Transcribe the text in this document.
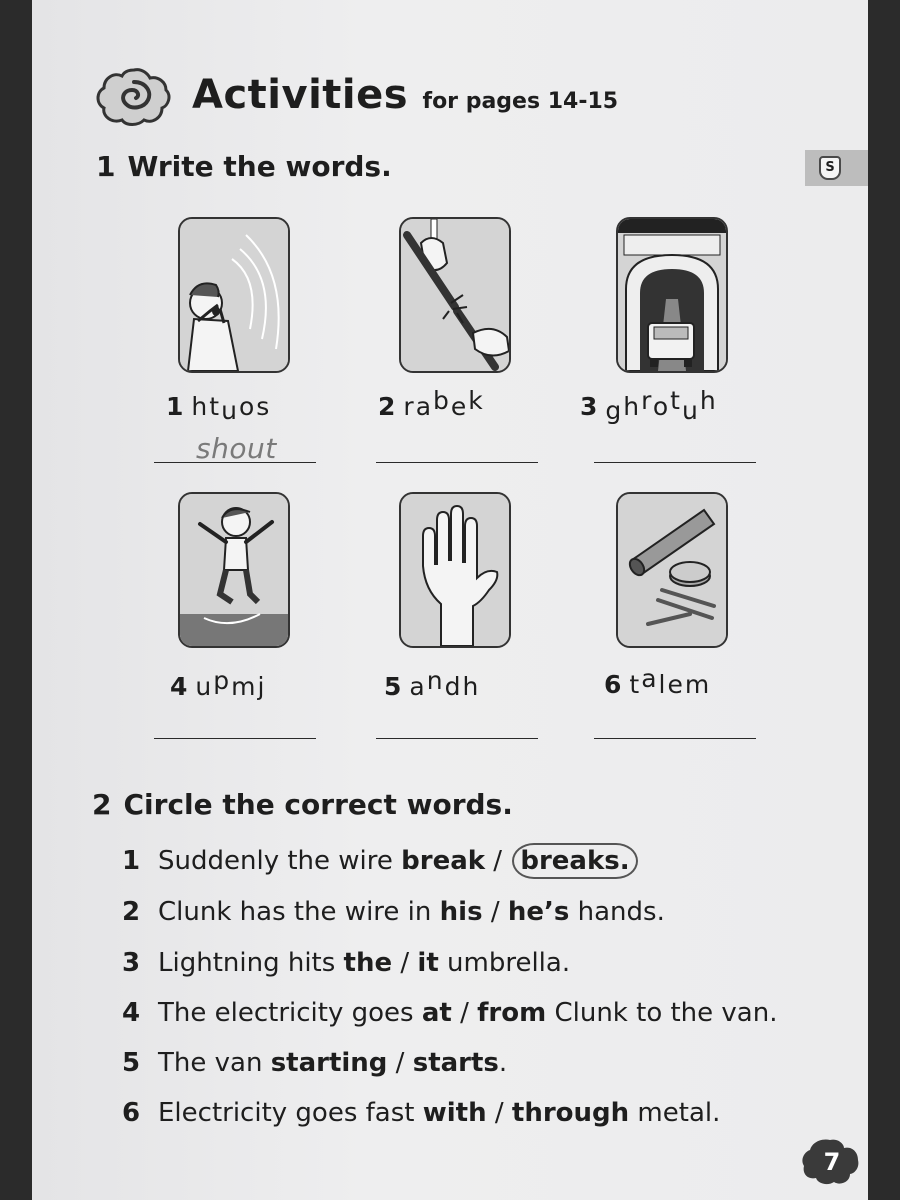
Activities for pages 14-15
S
1 Write the words.
1 htuos	2 rabek	3 ghrotuh
4 upmj	5 andh	6 talem
shout
2 Circle the correct words.
1 Suddenly the wire break / breaks.
2 Clunk has the wire in his / he’s hands.
3 Lightning hits the / it umbrella.
4 The electricity goes at / from Clunk to the van.
5 The van starting / starts.
6 Electricity goes fast with / through metal.
7
